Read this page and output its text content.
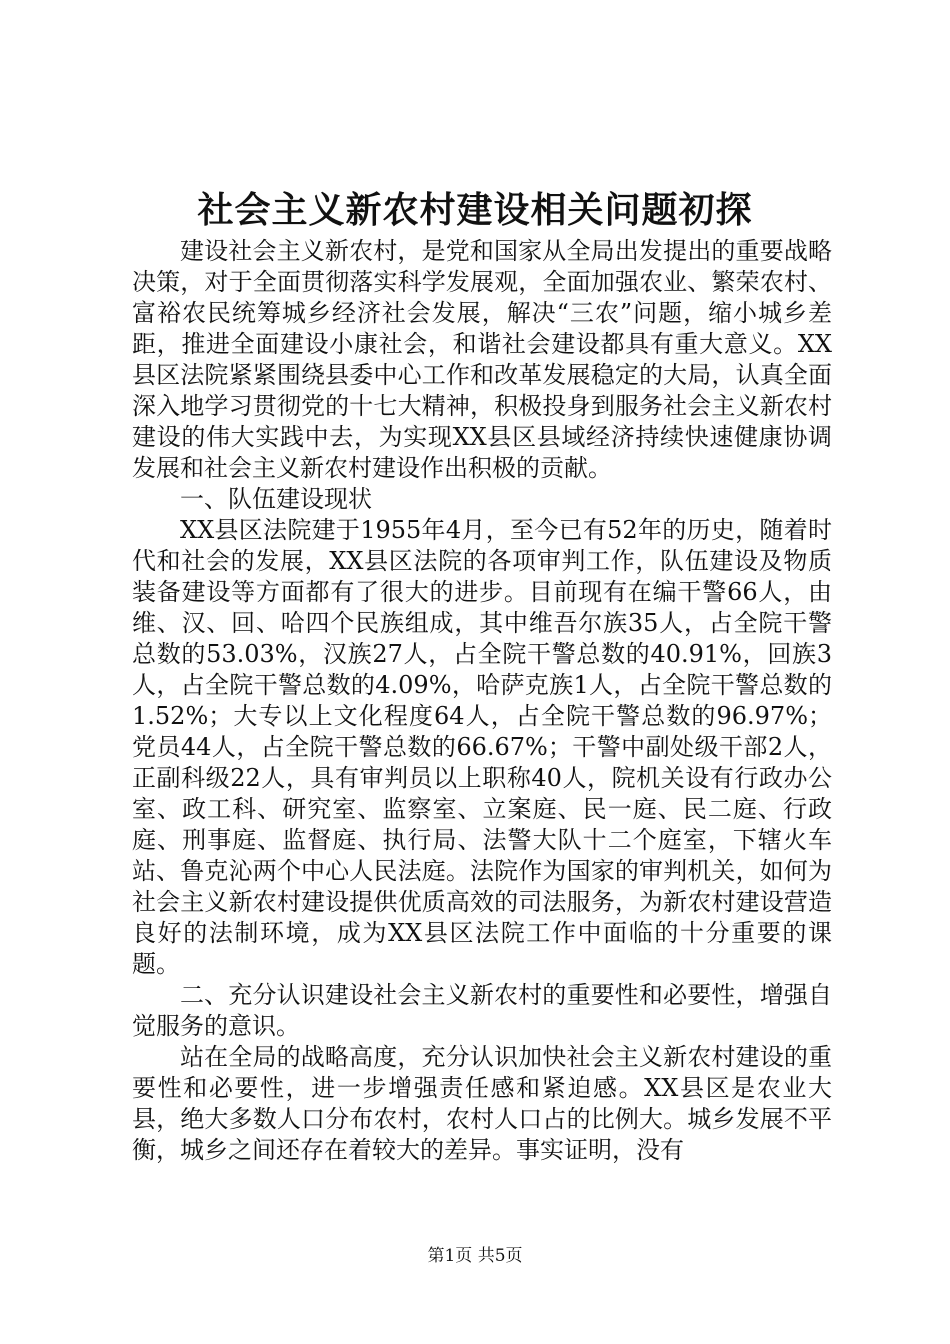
社会主义新农村建设相关问题初探

建设社会主义新农村，是党和国家从全局出发提出的重要战略决策，对于全面贯彻落实科学发展观，全面加强农业、繁荣农村、富裕农民统筹城乡经济社会发展，解决“三农”问题，缩小城乡差距，推进全面建设小康社会，和谐社会建设都具有重大意义。XX县区法院紧紧围绕县委中心工作和改革发展稳定的大局，认真全面深入地学习贯彻党的十七大精神，积极投身到服务社会主义新农村建设的伟大实践中去，为实现XX县区县域经济持续快速健康协调发展和社会主义新农村建设作出积极的贡献。

一、队伍建设现状

XX县区法院建于1955年4月，至今已有52年的历史，随着时代和社会的发展，XX县区法院的各项审判工作，队伍建设及物质装备建设等方面都有了很大的进步。目前现有在编干警66人，由维、汉、回、哈四个民族组成，其中维吾尔族35人，占全院干警总数的53.03%，汉族27人，占全院干警总数的40.91%，回族3人，占全院干警总数的4.09%，哈萨克族1人，占全院干警总数的1.52%；大专以上文化程度64人，占全院干警总数的96.97%；党员44人，占全院干警总数的66.67%；干警中副处级干部2人，正副科级22人，具有审判员以上职称40人，院机关设有行政办公室、政工科、研究室、监察室、立案庭、民一庭、民二庭、行政庭、刑事庭、监督庭、执行局、法警大队十二个庭室，下辖火车站、鲁克沁两个中心人民法庭。法院作为国家的审判机关，如何为社会主义新农村建设提供优质高效的司法服务，为新农村建设营造良好的法制环境，成为XX县区法院工作中面临的十分重要的课题。

二、充分认识建设社会主义新农村的重要性和必要性，增强自觉服务的意识。

站在全局的战略高度，充分认识加快社会主义新农村建设的重要性和必要性，进一步增强责任感和紧迫感。XX县区是农业大县，绝大多数人口分布农村，农村人口占的比例大。城乡发展不平衡，城乡之间还存在着较大的差异。事实证明，没有

第1页 共5页
